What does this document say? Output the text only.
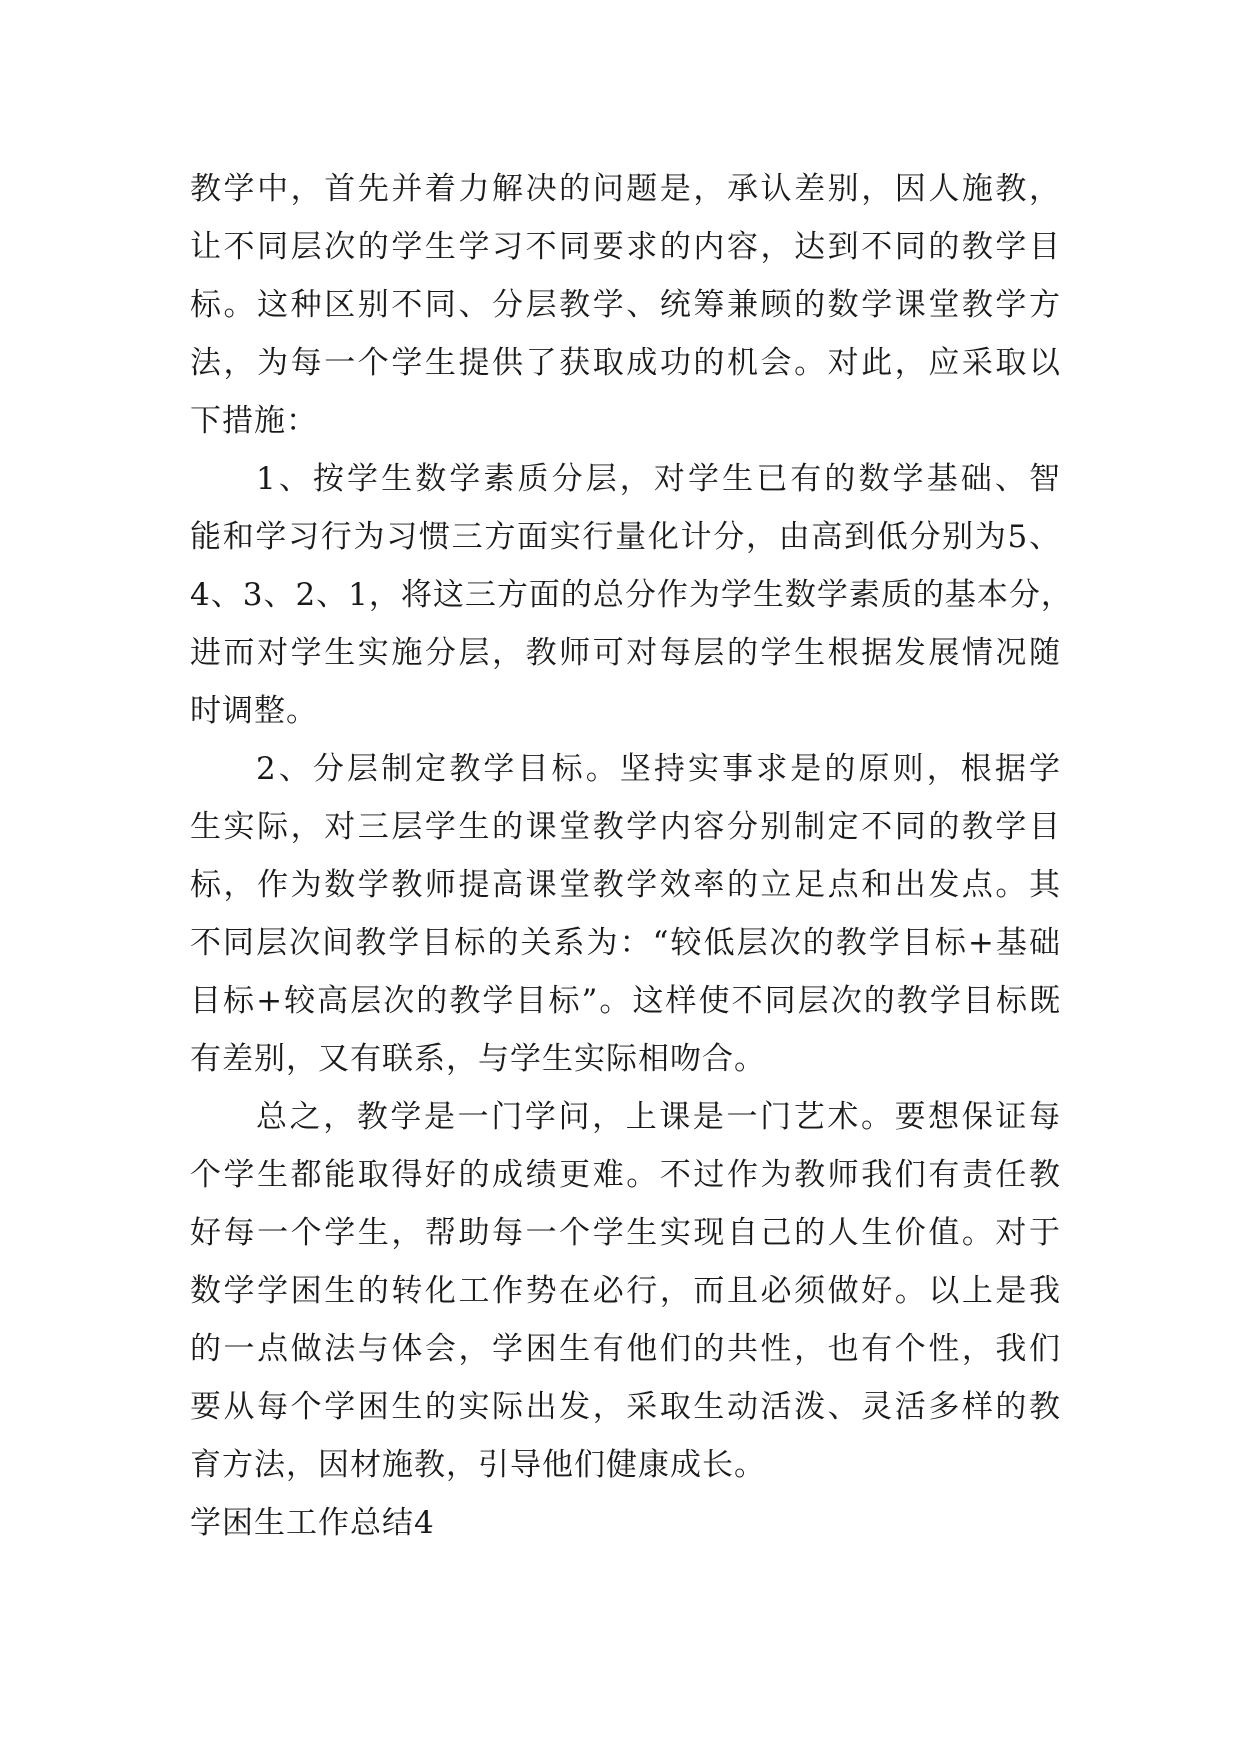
教学中，首先并着力解决的问题是，承认差别，因人施教，
让不同层次的学生学习不同要求的内容，达到不同的教学目
标。这种区别不同、分层教学、统筹兼顾的数学课堂教学方
法，为每一个学生提供了获取成功的机会。对此，应采取以
下措施：
1、按学生数学素质分层，对学生已有的数学基础、智
能和学习行为习惯三方面实行量化计分，由高到低分别为5、
4、3、2、1，将这三方面的总分作为学生数学素质的基本分，
进而对学生实施分层，教师可对每层的学生根据发展情况随
时调整。
2、分层制定教学目标。坚持实事求是的原则，根据学
生实际，对三层学生的课堂教学内容分别制定不同的教学目
标，作为数学教师提高课堂教学效率的立足点和出发点。其
不同层次间教学目标的关系为：“较低层次的教学目标+基础
目标+较高层次的教学目标”。这样使不同层次的教学目标既
有差别，又有联系，与学生实际相吻合。
总之，教学是一门学问，上课是一门艺术。要想保证每
个学生都能取得好的成绩更难。不过作为教师我们有责任教
好每一个学生，帮助每一个学生实现自己的人生价值。对于
数学学困生的转化工作势在必行，而且必须做好。以上是我
的一点做法与体会，学困生有他们的共性，也有个性，我们
要从每个学困生的实际出发，采取生动活泼、灵活多样的教
育方法，因材施教，引导他们健康成长。
学困生工作总结4
